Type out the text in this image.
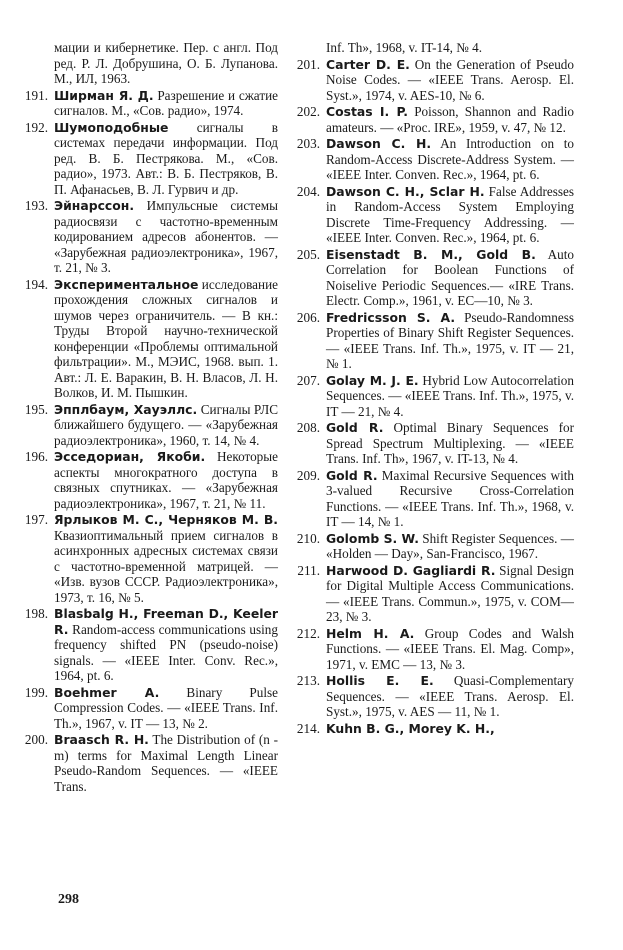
мации и кибернетике. Пер. с англ. Под ред. Р. Л. Добрушина, О. Б. Лупанова. М., ИЛ, 1963.
191. Ширман Я. Д. Разрешение и сжатие сигналов. М., «Сов. радио», 1974.
192. Шумоподобные сигналы в системах передачи информации. Под ред. В. Б. Пестрякова. М., «Сов. радио», 1973. Авт.: В. Б. Пестряков, В. П. Афанасьев, В. Л. Гурвич и др.
193. Эйнарссон. Импульсные системы радиосвязи с частотно-временным кодированием адресов абонентов. — «Зарубежная радиоэлектроника», 1967, т. 21, № 3.
194. Экспериментальное исследование прохождения сложных сигналов и шумов через ограничитель. — В кн.: Труды Второй научно-технической конференции «Проблемы оптимальной фильтрации». М., МЭИС, 1968. вып. 1. Авт.: Л. Е. Варакин, В. Н. Власов, Л. Н. Волков, И. М. Пышкин.
195. Эпплбаум, Хауэллс. Сигналы РЛС ближайшего будущего. — «Зарубежная радиоэлектроника», 1960, т. 14, № 4.
196. Эсседориан, Якоби. Некоторые аспекты многократного доступа в связных спутниках. — «Зарубежная радиоэлектроника», 1967, т. 21, № 11.
197. Ярлыков М. С., Черняков М. В. Квазиоптимальный прием сигналов в асинхронных адресных системах связи с частотно-временной матрицей. — «Изв. вузов СССР. Радиоэлектроника», 1973, т. 16, № 5.
198. Blasbalg H., Freeman D., Keeler R. Random-access communications using frequency shifted PN (pseudo-noise) signals. — «IEEE Inter. Conv. Rec.», 1964, pt. 6.
199. Boehmer A. Binary Pulse Compression Codes. — «IEEE Trans. Inf. Th.», 1967, v. IT — 13, № 2.
200. Braasch R. H. The Distribution of (n - m) terms for Maximal Length Linear Pseudo-Random Sequences. — «IEEE Trans.
Inf. Th», 1968, v. IT-14, № 4.
201. Carter D. E. On the Generation of Pseudo Noise Codes. — «IEEE Trans. Aerosp. El. Syst.», 1974, v. AES-10, № 6.
202. Costas I. P. Poisson, Shannon and Radio amateurs. — «Proc. IRE», 1959, v. 47, № 12.
203. Dawson C. H. An Introduction on to Random-Access Discrete-Address System. — «IEEE Inter. Conven. Rec.», 1964, pt. 6.
204. Dawson C. H., Sclar H. False Addresses in Random-Access System Employing Discrete Time-Frequency Addressing. — «IEEE Inter. Conven. Rec.», 1964, pt. 6.
205. Eisenstadt B. M., Gold B. Auto Correlation for Boolean Functions of Noiselive Periodic Sequences.— «IRE Trans. Electr. Comp.», 1961, v. EC—10, № 3.
206. Fredricsson S. A. Pseudo-Randomness Properties of Binary Shift Register Sequences. — «IEEE Trans. Inf. Th.», 1975, v. IT — 21, № 1.
207. Golay M. J. E. Hybrid Low Autocorrelation Sequences. — «IEEE Trans. Inf. Th.», 1975, v. IT — 21, № 4.
208. Gold R. Optimal Binary Sequences for Spread Spectrum Multiplexing. — «IEEE Trans. Inf. Th», 1967, v. IT-13, № 4.
209. Gold R. Maximal Recursive Sequences with 3-valued Recursive Cross-Correlation Functions. — «IEEE Trans. Inf. Th.», 1968, v. IT — 14, № 1.
210. Golomb S. W. Shift Register Sequences. — «Holden — Day», San-Francisco, 1967.
211. Harwood D. Gagliardi R. Signal Design for Digital Multiple Access Communications. — «IEEE Trans. Commun.», 1975, v. COM—23, № 3.
212. Helm H. A. Group Codes and Walsh Functions. — «IEEE Trans. El. Mag. Comp», 1971, v. EMC — 13, № 3.
213. Hollis E. E. Quasi-Complementary Sequences. — «IEEE Trans. Aerosp. El. Syst.», 1975, v. AES — 11, № 1.
214. Kuhn B. G., Morey K. H.,
298
